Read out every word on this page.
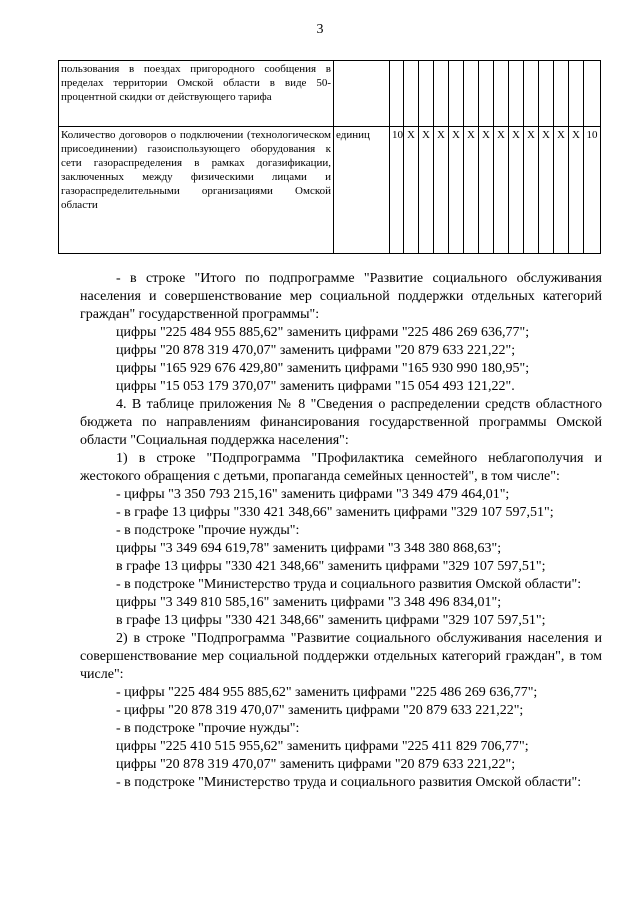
3
пользования в поездах пригородного сообщения в пределах территории Омской области в виде 50-процентной скидки от действующего тарифа															
Количество договоров о подключении (технологическом присоединении) газоиспользующего оборудования к сети газораспределения в рамках догазификации, заключенных между физическими лицами и газораспределительными организациями Омской области	единиц	10	X	X	X	X	X	X	X	X	X	X	X	X	10

- в строке "Итого по подпрограмме "Развитие социального обслуживания населения и совершенствование мер социальной поддержки отдельных категорий граждан" государственной программы":

цифры "225 484 955 885,62" заменить цифрами "225 486 269 636,77";

цифры "20 878 319 470,07" заменить цифрами "20 879 633 221,22";

цифры "165 929 676 429,80" заменить цифрами "165 930 990 180,95";

цифры "15 053 179 370,07" заменить цифрами "15 054 493 121,22".

4. В таблице приложения № 8 "Сведения о распределении средств областного бюджета по направлениям финансирования государственной программы Омской области "Социальная поддержка населения":

1) в строке "Подпрограмма "Профилактика семейного неблагополучия и жестокого обращения с детьми, пропаганда семейных ценностей", в том числе":

- цифры "3 350 793 215,16" заменить цифрами "3 349 479 464,01";

- в графе 13 цифры "330 421 348,66" заменить цифрами "329 107 597,51";

- в подстроке "прочие нужды":

цифры "3 349 694 619,78" заменить цифрами "3 348 380 868,63";

в графе 13 цифры "330 421 348,66" заменить цифрами "329 107 597,51";

- в подстроке "Министерство труда и социального развития Омской области":

цифры "3 349 810 585,16" заменить цифрами "3 348 496 834,01";

в графе 13 цифры "330 421 348,66" заменить цифрами "329 107 597,51";

2) в строке "Подпрограмма "Развитие социального обслуживания населения и совершенствование мер социальной поддержки отдельных категорий граждан", в том числе":

- цифры "225 484 955 885,62" заменить цифрами "225 486 269 636,77";

- цифры "20 878 319 470,07" заменить цифрами "20 879 633 221,22";

- в подстроке "прочие нужды":

цифры "225 410 515 955,62" заменить цифрами "225 411 829 706,77";

цифры "20 878 319 470,07" заменить цифрами "20 879 633 221,22";

- в подстроке "Министерство труда и социального развития Омской области":
